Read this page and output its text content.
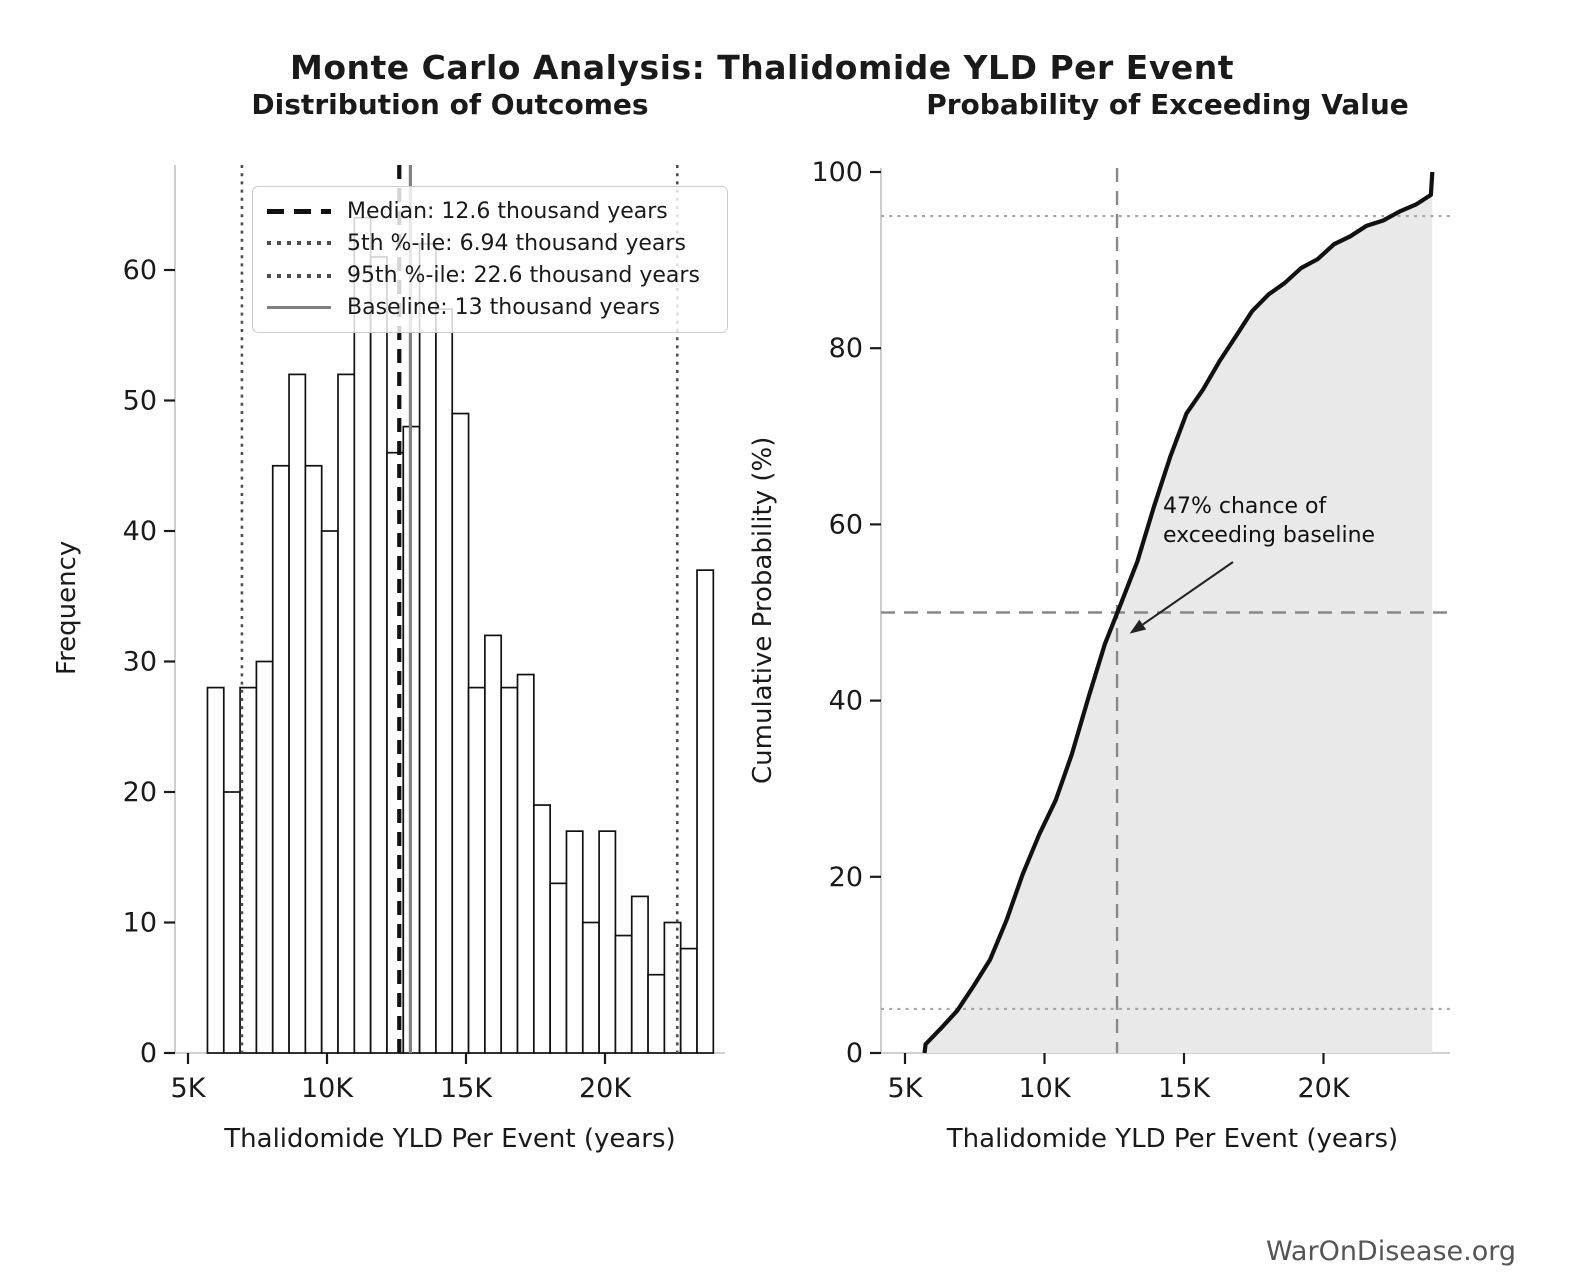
5K	10K	15K	20K
0
10
20
30
40
50
60
5K	10K	15K	20K
0
20
40
60
80
100
Monte Carlo Analysis: Thalidomide YLD Per Event
Distribution of Outcomes	Probability of Exceeding Value
Frequency	Cumulative Probability (%)
Thalidomide YLD Per Event (years)	Thalidomide YLD Per Event (years)
Median: 12.6 thousand years
5th %-ile: 6.94 thousand years
95th %-ile: 22.6 thousand years
Baseline: 13 thousand years
47% chance of
exceeding baseline
WarOnDisease.org
